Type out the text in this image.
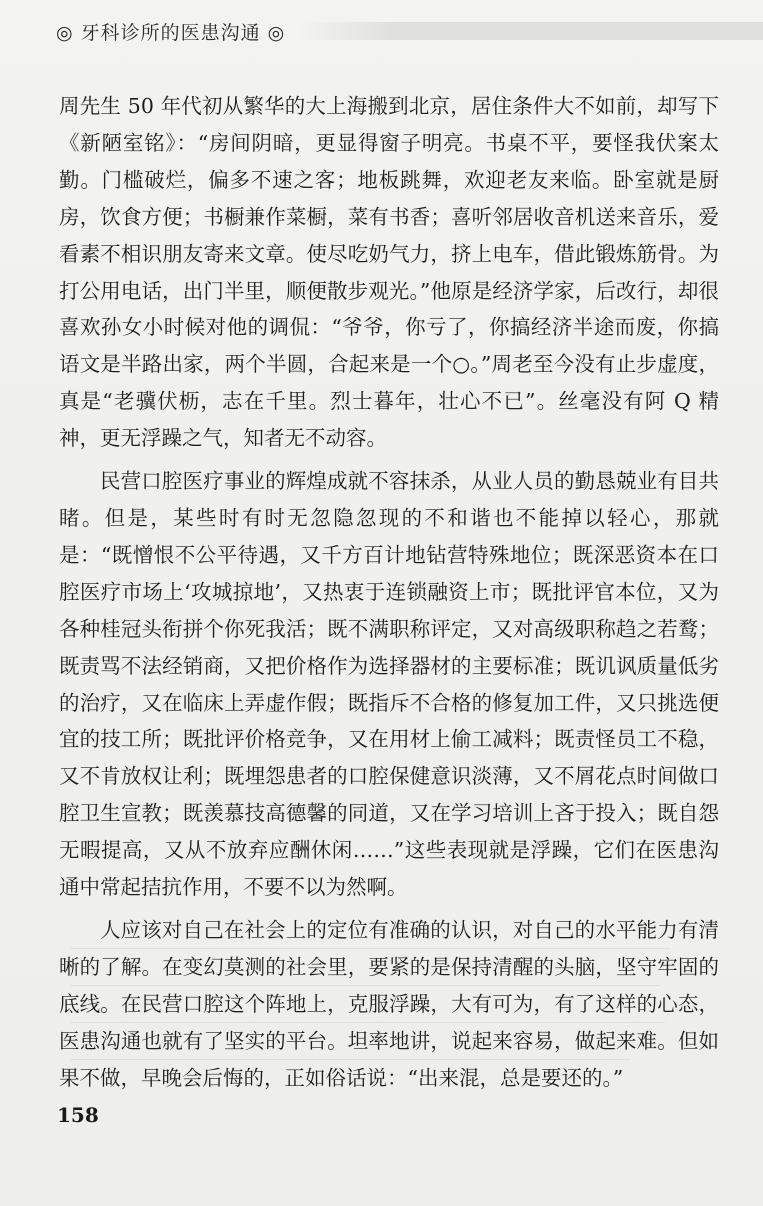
◎ 牙科诊所的医患沟通 ◎

周先生 50 年代初从繁华的大上海搬到北京，居住条件大不如前，却写下《新陋室铭》：“房间阴暗，更显得窗子明亮。书桌不平，要怪我伏案太勤。门槛破烂，偏多不速之客；地板跳舞，欢迎老友来临。卧室就是厨房，饮食方便；书橱兼作菜橱，菜有书香；喜听邻居收音机送来音乐，爱看素不相识朋友寄来文章。使尽吃奶气力，挤上电车，借此锻炼筋骨。为打公用电话，出门半里，顺便散步观光。”他原是经济学家，后改行，却很喜欢孙女小时候对他的调侃：“爷爷，你亏了，你搞经济半途而废，你搞语文是半路出家，两个半圆，合起来是一个○。”周老至今没有止步虚度，真是“老骥伏枥，志在千里。烈士暮年，壮心不已”。丝毫没有阿 Q 精神，更无浮躁之气，知者无不动容。

民营口腔医疗事业的辉煌成就不容抹杀，从业人员的勤恳兢业有目共睹。但是，某些时有时无忽隐忽现的不和谐也不能掉以轻心，那就是：“既憎恨不公平待遇，又千方百计地钻营特殊地位；既深恶资本在口腔医疗市场上‘攻城掠地’，又热衷于连锁融资上市；既批评官本位，又为各种桂冠头衔拼个你死我活；既不满职称评定，又对高级职称趋之若鹜；既责骂不法经销商，又把价格作为选择器材的主要标准；既讥讽质量低劣的治疗，又在临床上弄虚作假；既指斥不合格的修复加工件，又只挑选便宜的技工所；既批评价格竞争，又在用材上偷工减料；既责怪员工不稳，又不肯放权让利；既埋怨患者的口腔保健意识淡薄，又不屑花点时间做口腔卫生宣教；既羡慕技高德馨的同道，又在学习培训上吝于投入；既自怨无暇提高，又从不放弃应酬休闲……”这些表现就是浮躁，它们在医患沟通中常起拮抗作用，不要不以为然啊。

人应该对自己在社会上的定位有准确的认识，对自己的水平能力有清晰的了解。在变幻莫测的社会里，要紧的是保持清醒的头脑，坚守牢固的底线。在民营口腔这个阵地上，克服浮躁，大有可为，有了这样的心态，医患沟通也就有了坚实的平台。坦率地讲，说起来容易，做起来难。但如果不做，早晚会后悔的，正如俗话说：“出来混，总是要还的。”

158
